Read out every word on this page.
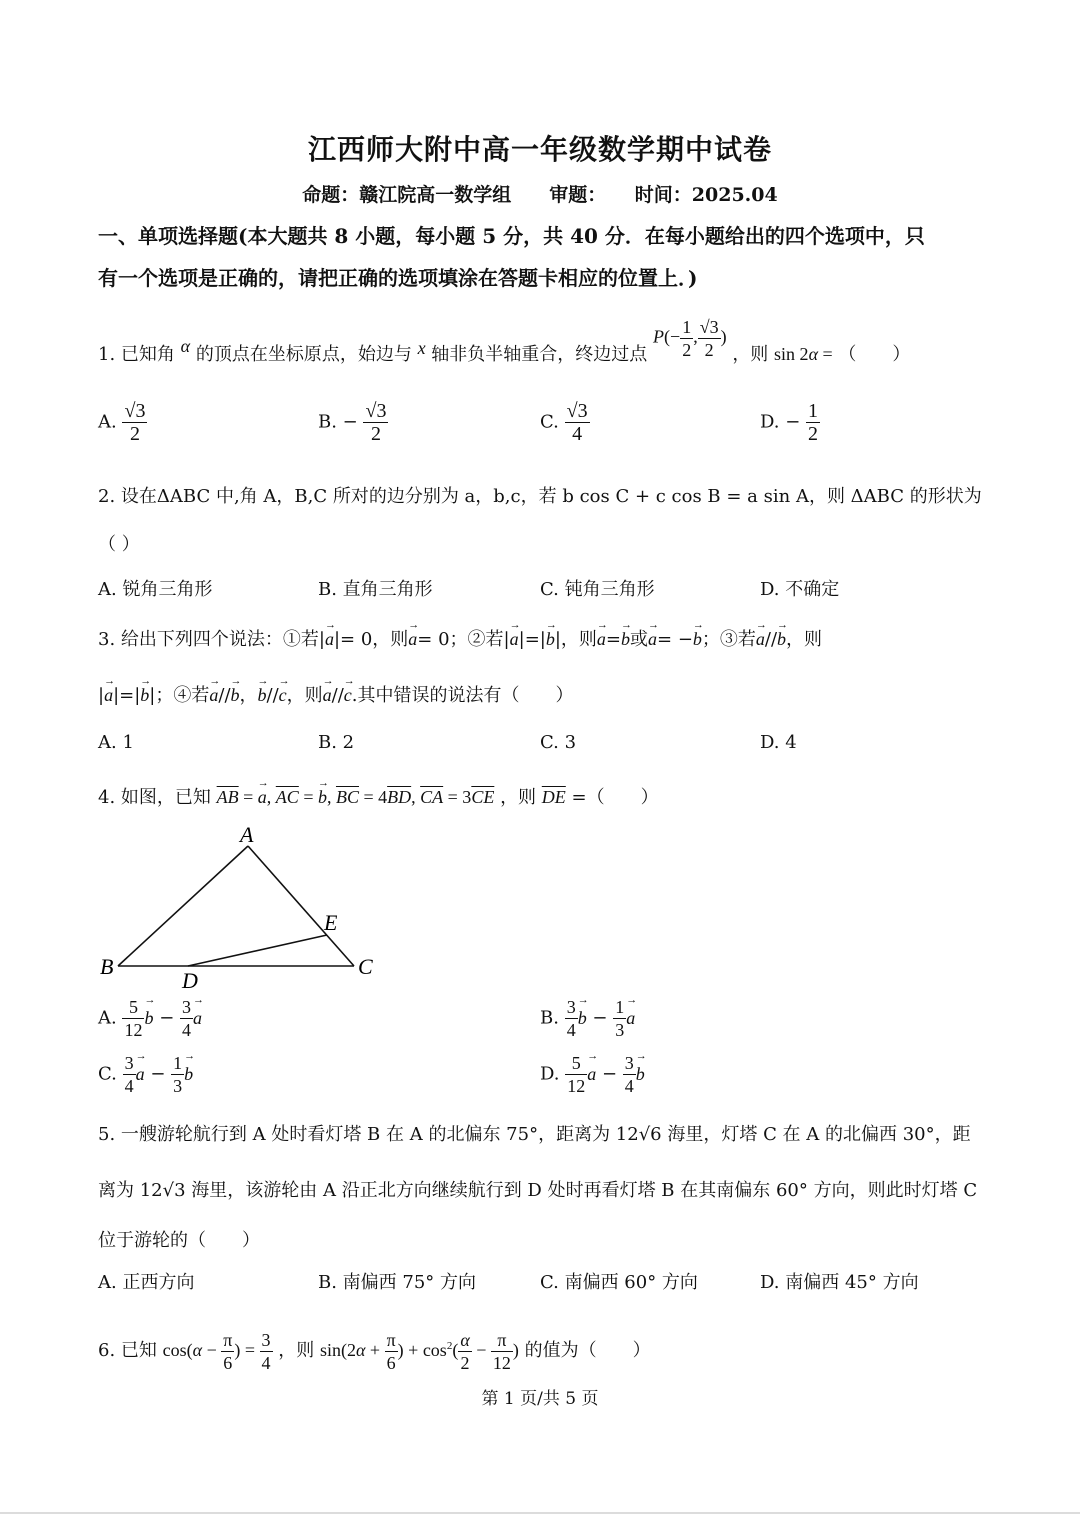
江西师大附中高一年级数学期中试卷
命题：赣江院高一数学组　　审题：　　时间：2025.04
一、单项选择题(本大题共 8 小题，每小题 5 分，共 40 分．在每小题给出的四个选项中，只
有一个选项是正确的，请把正确的选项填涂在答题卡相应的位置上．)
1. 已知角 α 的顶点在坐标原点，始边与 x 轴非负半轴重合，终边过点 $P(- \frac{1}{2}$ , $\frac{√3}{2}$ ) ，则 sin 2α = （　　）
A. $\frac{√3}{2}$	B. − $\frac{√3}{2}$	C. $\frac{√3}{4}$	D. − $\frac{1}{2}$
2. 设在ΔABC 中,角 A，B,C 所对的边分别为 a，b,c，若 b cos C + c cos B = a sin A，则 ΔABC 的形状为
（ ）
A. 锐角三角形	B. 直角三角形	C. 钝角三角形	D. 不确定
3. 给出下列四个说法：①若|→ a|= 0，则→ a= 0；②若|→ a|=|→ b|，则→ a=→ b或→ a= −→ b；③若→ a//→ b，则
|→ a|=|→ b|；④若→ a//→ b，→ b//→ c，则→ a//→ c.其中错误的说法有（　　）
A. 1	B. 2	C. 3	D. 4
4. 如图，已知 $\overline{AB}$ = → a, $\overline{AC}$ = → b, $\overline{BC} = 4\overline{BD}$, $\overline{CA} = 3\overline{CE}$ ，则 $\overline{DE}$ =（　　）
A
B	C
D
E
A. $\frac{5}{12} \to b - \frac{3}{4} \to a$	B. $\frac{3}{4} \to b - \frac{1}{3} \to a$
C. $\frac{3}{4} \to a - \frac{1}{3} \to b$	D. $\frac{5}{12} \to a - \frac{3}{4} \to b$
5. 一艘游轮航行到 A 处时看灯塔 B 在 A 的北偏东 75°，距离为 12√6 海里，灯塔 C 在 A 的北偏西 30°，距
离为 12√3 海里，该游轮由 A 沿正北方向继续航行到 D 处时再看灯塔 B 在其南偏东 60° 方向，则此时灯塔 C
位于游轮的（　　）
A. 正西方向	B. 南偏西 75° 方向	C. 南偏西 60° 方向	D. 南偏西 45° 方向
6. 已知 $\cos(\alpha - \frac{\pi}{6}$ ) = $\frac{3}{4}$ ，则 $\sin(2\alpha + \frac{\pi}{6}$ ) + $\cos^2( \frac{\alpha}{2} - \frac{\pi}{12}$ ) 的值为（　　）
第 1 页/共 5 页
